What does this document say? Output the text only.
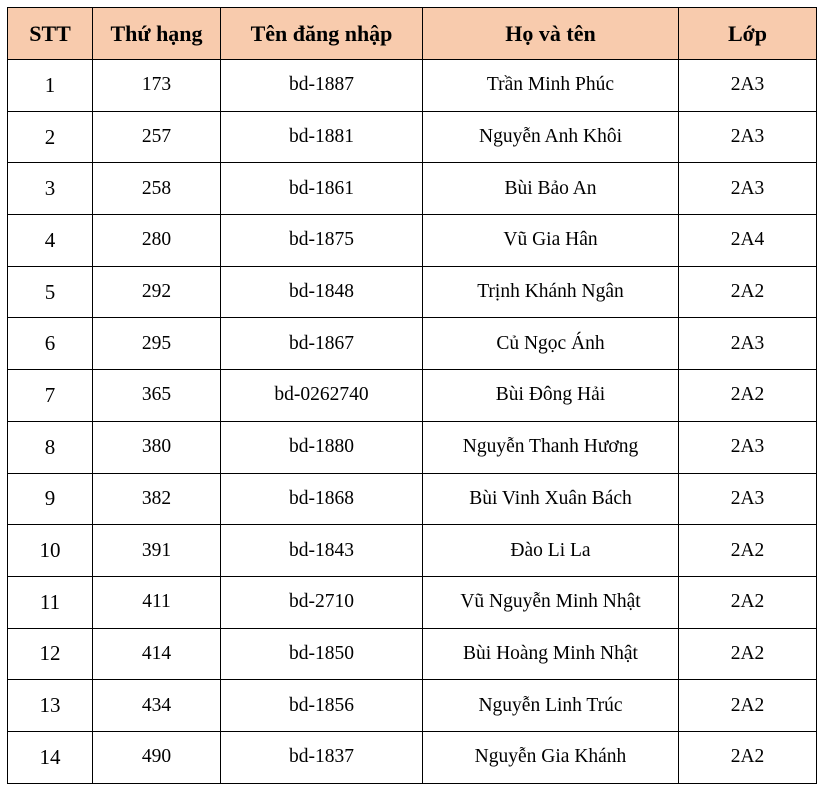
STT	Thứ hạng	Tên đăng nhập	Họ và tên	Lớp
1	173	bd-1887	Trần Minh Phúc	2A3
2	257	bd-1881	Nguyễn Anh Khôi	2A3
3	258	bd-1861	Bùi Bảo An	2A3
4	280	bd-1875	Vũ Gia Hân	2A4
5	292	bd-1848	Trịnh Khánh Ngân	2A2
6	295	bd-1867	Củ Ngọc Ánh	2A3
7	365	bd-0262740	Bùi Đông Hải	2A2
8	380	bd-1880	Nguyễn Thanh Hương	2A3
9	382	bd-1868	Bùi Vinh Xuân Bách	2A3
10	391	bd-1843	Đào Li La	2A2
11	411	bd-2710	Vũ Nguyễn Minh Nhật	2A2
12	414	bd-1850	Bùi Hoàng Minh Nhật	2A2
13	434	bd-1856	Nguyễn Linh Trúc	2A2
14	490	bd-1837	Nguyễn Gia Khánh	2A2
